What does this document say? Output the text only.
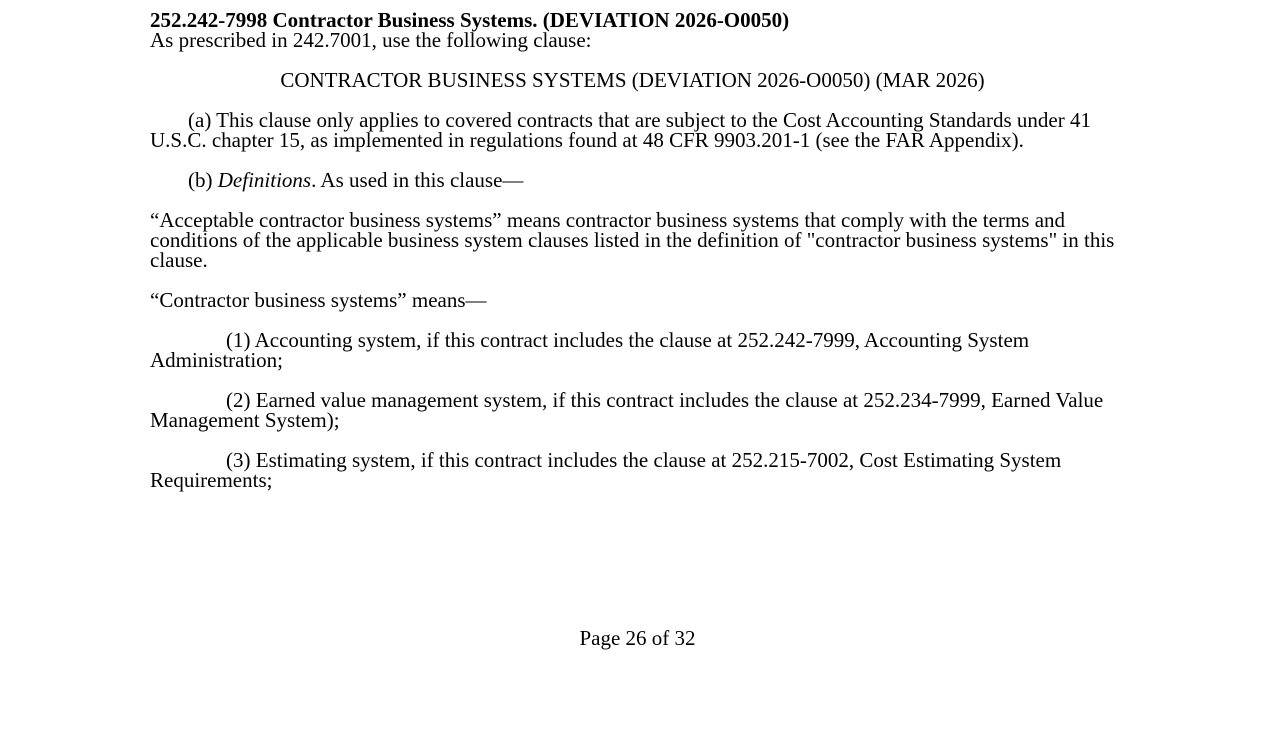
252.242-7998 Contractor Business Systems. (DEVIATION 2026-O0050)

As prescribed in 242.7001, use the following clause:

CONTRACTOR BUSINESS SYSTEMS (DEVIATION 2026-O0050) (MAR 2026)

(a) This clause only applies to covered contracts that are subject to the Cost Accounting Standards under 41 U.S.C. chapter 15, as implemented in regulations found at 48 CFR 9903.201-1 (see the FAR Appendix).

(b) Definitions. As used in this clause—

“Acceptable contractor business systems” means contractor business systems that comply with the terms and conditions of the applicable business system clauses listed in the definition of "contractor business systems" in this clause.

“Contractor business systems” means—

(1) Accounting system, if this contract includes the clause at 252.242-7999, Accounting System Administration;

(2) Earned value management system, if this contract includes the clause at 252.234-7999, Earned Value Management System);

(3) Estimating system, if this contract includes the clause at 252.215-7002, Cost Estimating System Requirements;

Page 26 of 32
